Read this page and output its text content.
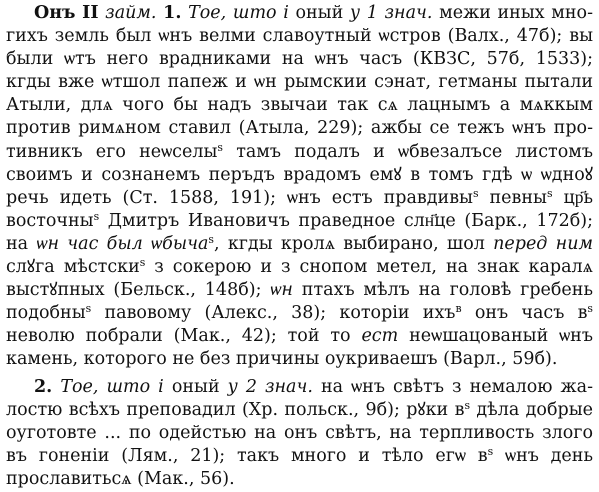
Онъ ІІ займ. 1. Тое, што і оный у 1 знач. межи иных мно-гихъ земль был ѡнъ велми славоутный ѡстров (Валх., 47б); вы были ѡтъ него врадниками на ѡнъ часъ (КВЗС, 57б, 1533); кгды вже ѡтшол папеж и ѡн рымскии сэнат, гетманы пытали Атыли, длѧ чого бы надъ звычаи так сѧ лацнымъ а мѧккым против римѧном ставил (Атыла, 229); ажбы се тежъ ѡнъ про-тивникъ его неѡселы$^s$ тамъ подалъ и ѡбвезалъсе листомъ своимъ и сознанемъ перъдъ врадомъ емꙋ в томъ гдѣ ѡ ѡдноꙋ речь идеть (Ст. 1588, 191); ѡнъ естъ правдивы$^s$ певны$^s$ цр҃ь восточны$^s$ Дмитръ Ивановичъ праведное слн҃це (Барк., 172б); на ѡн час был ѡбыча$^s$, кгды кролѧ выбирано, шол перед ним слꙋга мѣстски$^s$ з сокерою и з снопом метел, на знак каралѧ выстꙋпных (Бельск., 148б); ѡн птахъ мѣлъ на головѣ гребень подобны$^s$ павовому (Алекс., 38); которіи ихъ$^в$ онъ часъ $в^s$ неволю побрали (Мак., 42); той то ест неѡшацованый ѡнъ камень, которого не без причины оукриваешъ (Варл., 59б).

2. Тое, што і оный у 2 знач. на ѡнъ свѣтъ з немалою жа-лостю всѣхъ преповадил (Хр. польск., 9б); рꙋки $в^s$ дѣла добрые оуготовте ... по одейстью на онъ свѣтъ, на терпливость злого въ гоненіи (Лям., 21); такъ много и тѣло егѡ $в^s$ ѡнъ день прославитьсѧ (Мак., 56).
